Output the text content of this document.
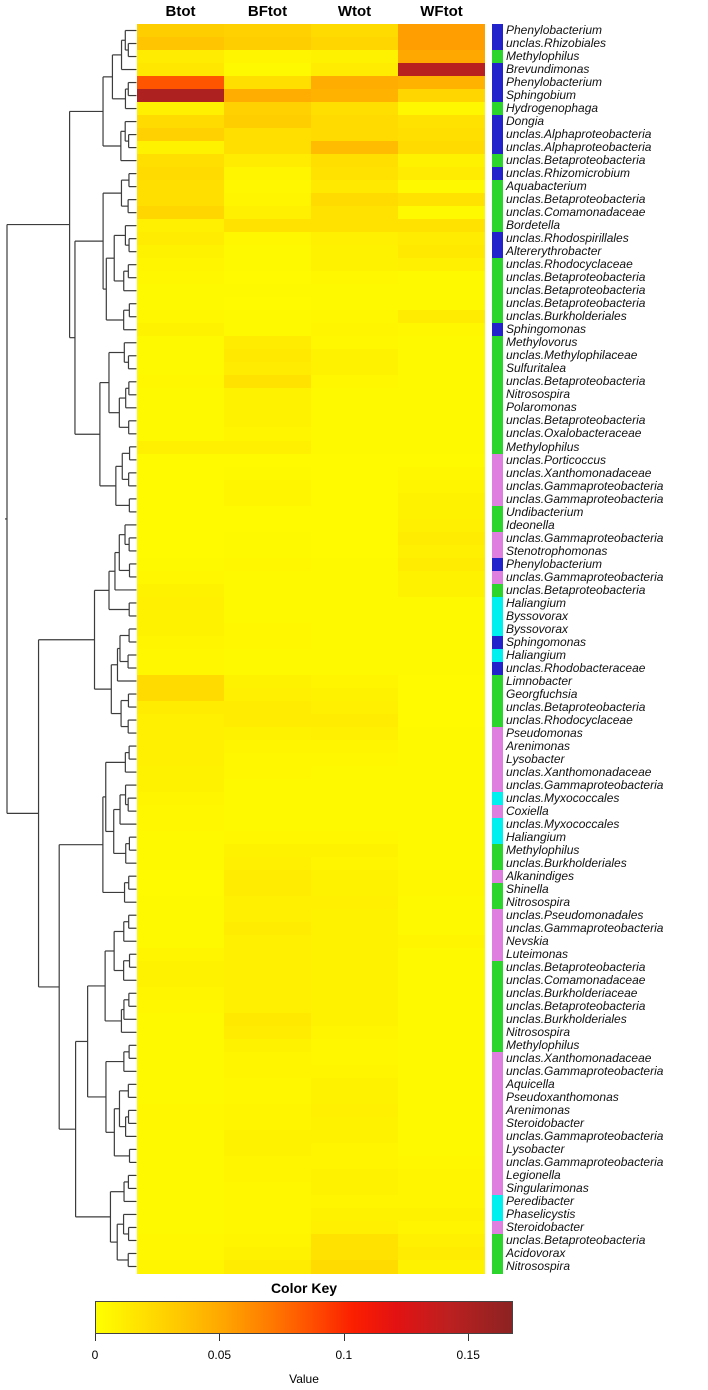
Btot	BFtot	Wtot	WFtot
Phenylobacterium
unclas.Rhizobiales
Methylophilus
Brevundimonas
Phenylobacterium
Sphingobium
Hydrogenophaga
Dongia
unclas.Alphaproteobacteria
unclas.Alphaproteobacteria
unclas.Betaproteobacteria
unclas.Rhizomicrobium
Aquabacterium
unclas.Betaproteobacteria
unclas.Comamonadaceae
Bordetella
unclas.Rhodospirillales
Altererythrobacter
unclas.Rhodocyclaceae
unclas.Betaproteobacteria
unclas.Betaproteobacteria
unclas.Betaproteobacteria
unclas.Burkholderiales
Sphingomonas
Methylovorus
unclas.Methylophilaceae
Sulfuritalea
unclas.Betaproteobacteria
Nitrosospira
Polaromonas
unclas.Betaproteobacteria
unclas.Oxalobacteraceae
Methylophilus
unclas.Porticoccus
unclas.Xanthomonadaceae
unclas.Gammaproteobacteria
unclas.Gammaproteobacteria
Undibacterium
Ideonella
unclas.Gammaproteobacteria
Stenotrophomonas
Phenylobacterium
unclas.Gammaproteobacteria
unclas.Betaproteobacteria
Haliangium
Byssovorax
Byssovorax
Sphingomonas
Haliangium
unclas.Rhodobacteraceae
Limnobacter
Georgfuchsia
unclas.Betaproteobacteria
unclas.Rhodocyclaceae
Pseudomonas
Arenimonas
Lysobacter
unclas.Xanthomonadaceae
unclas.Gammaproteobacteria
unclas.Myxococcales
Coxiella
unclas.Myxococcales
Haliangium
Methylophilus
unclas.Burkholderiales
Alkanindiges
Shinella
Nitrosospira
unclas.Pseudomonadales
unclas.Gammaproteobacteria
Nevskia
Luteimonas
unclas.Betaproteobacteria
unclas.Comamonadaceae
unclas.Burkholderiaceae
unclas.Betaproteobacteria
unclas.Burkholderiales
Nitrosospira
Methylophilus
unclas.Xanthomonadaceae
unclas.Gammaproteobacteria
Aquicella
Pseudoxanthomonas
Arenimonas
Steroidobacter
unclas.Gammaproteobacteria
Lysobacter
unclas.Gammaproteobacteria
Legionella
Singularimonas
Peredibacter
Phaselicystis
Steroidobacter
unclas.Betaproteobacteria
Acidovorax
Nitrosospira
Color Key
0	0.05	0.1	0.15
Value
